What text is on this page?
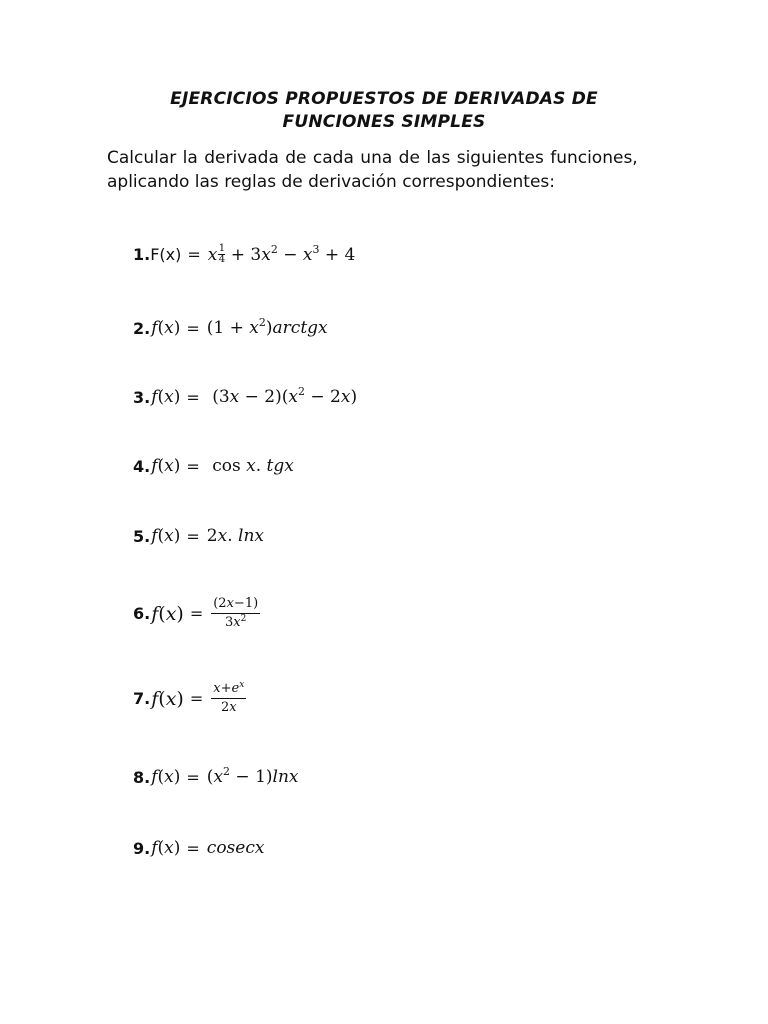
EJERCICIOS PROPUESTOS DE DERIVADAS DE
FUNCIONES SIMPLES
Calcular la derivada de cada una de las siguientes funciones,
aplicando las reglas de derivación correspondientes:
1. F(x) = x $\frac{1}{4} + 3x^2 - x^3 + 4$
2. $f(x) = (1 + x^2)arctgx$
3. $f(x) = (3x - 2)(x^2 - 2x)$
4. f(x) = cos x. tgx
5. f(x) = 2x. lnx
6. $f(x) = \frac{(2x-1)}{3x^2}$
7. $f(x) = \frac{x+e^x}{2x}$
8. $f(x) = (x^2 - 1)\ln x$
9. f(x) = cosecx
